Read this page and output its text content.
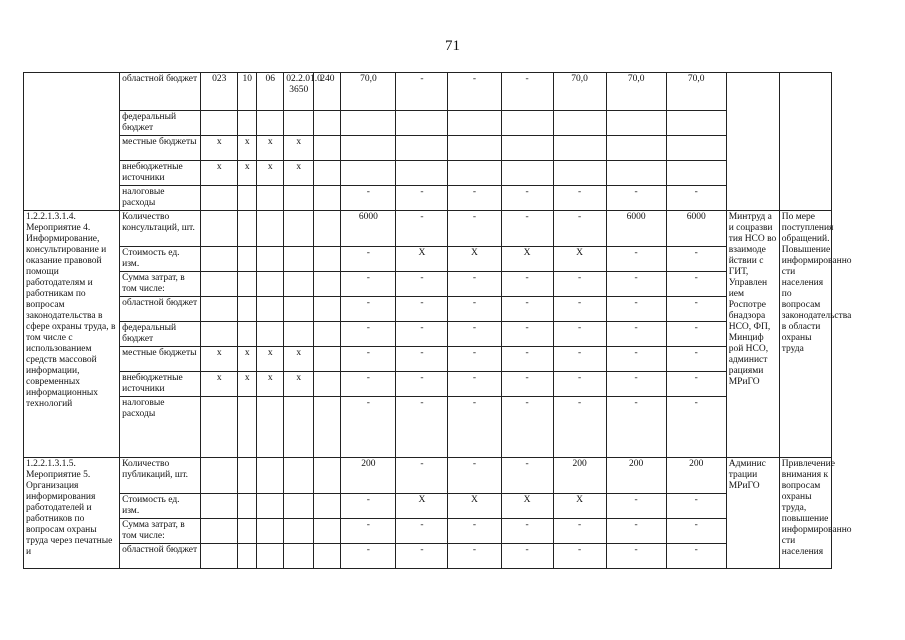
71
	областной бюджет	023	10	06	02.2.01.0 3650	240	70,0	-	-	-	70,0	70,0	70,0		
	федеральный бюджет														
	местные бюджеты	х	х	х	х										
	внебюджетные источники	х	х	х	х										
	налоговые расходы						-	-	-	-	-	-	-		
1.2.2.1.3.1.4. Мероприятие 4. Информирование, консультирование и оказание правовой помощи работодателям и работникам по вопросам законодательства в сфере охраны труда, в том числе с использованием средств массовой информации, современных информационных технологий	Количество консультаций, шт.						6000	-	-	-	-	6000	6000	Минтруд а и соцразви тия НСО во взаимоде йствии с ГИТ, Управлен ием Роспотре бнадзора НСО, ФП, Минциф рой НСО, админист рациями МРиГО	По мере поступления обращений. Повышение информированно сти населения по вопросам законодательства в области охраны труда
	Стоимость ед. изм.						-	Х	Х	Х	Х	-	-		
	Сумма затрат, в том числе:						-	-	-	-	-	-	-		
	областной бюджет						-	-	-	-	-	-	-		
	федеральный бюджет						-	-	-	-	-	-	-		
	местные бюджеты	х	х	х	х		-	-	-	-	-	-	-		
	внебюджетные источники	х	х	х	х		-	-	-	-	-	-	-		
	налоговые расходы						-	-	-	-	-	-	-		
1.2.2.1.3.1.5. Мероприятие 5. Организация информирования работодателей и работников по вопросам охраны труда через печатные и	Количество публикаций, шт.						200	-	-	-	200	200	200	Админис трации МРиГО	Привлечение внимания к вопросам охраны труда, повышение информированно сти населения
	Стоимость ед. изм.						-	Х	Х	Х	Х	-	-		
	Сумма затрат, в том числе:						-	-	-	-	-	-	-		
	областной бюджет						-	-	-	-	-	-	-		
